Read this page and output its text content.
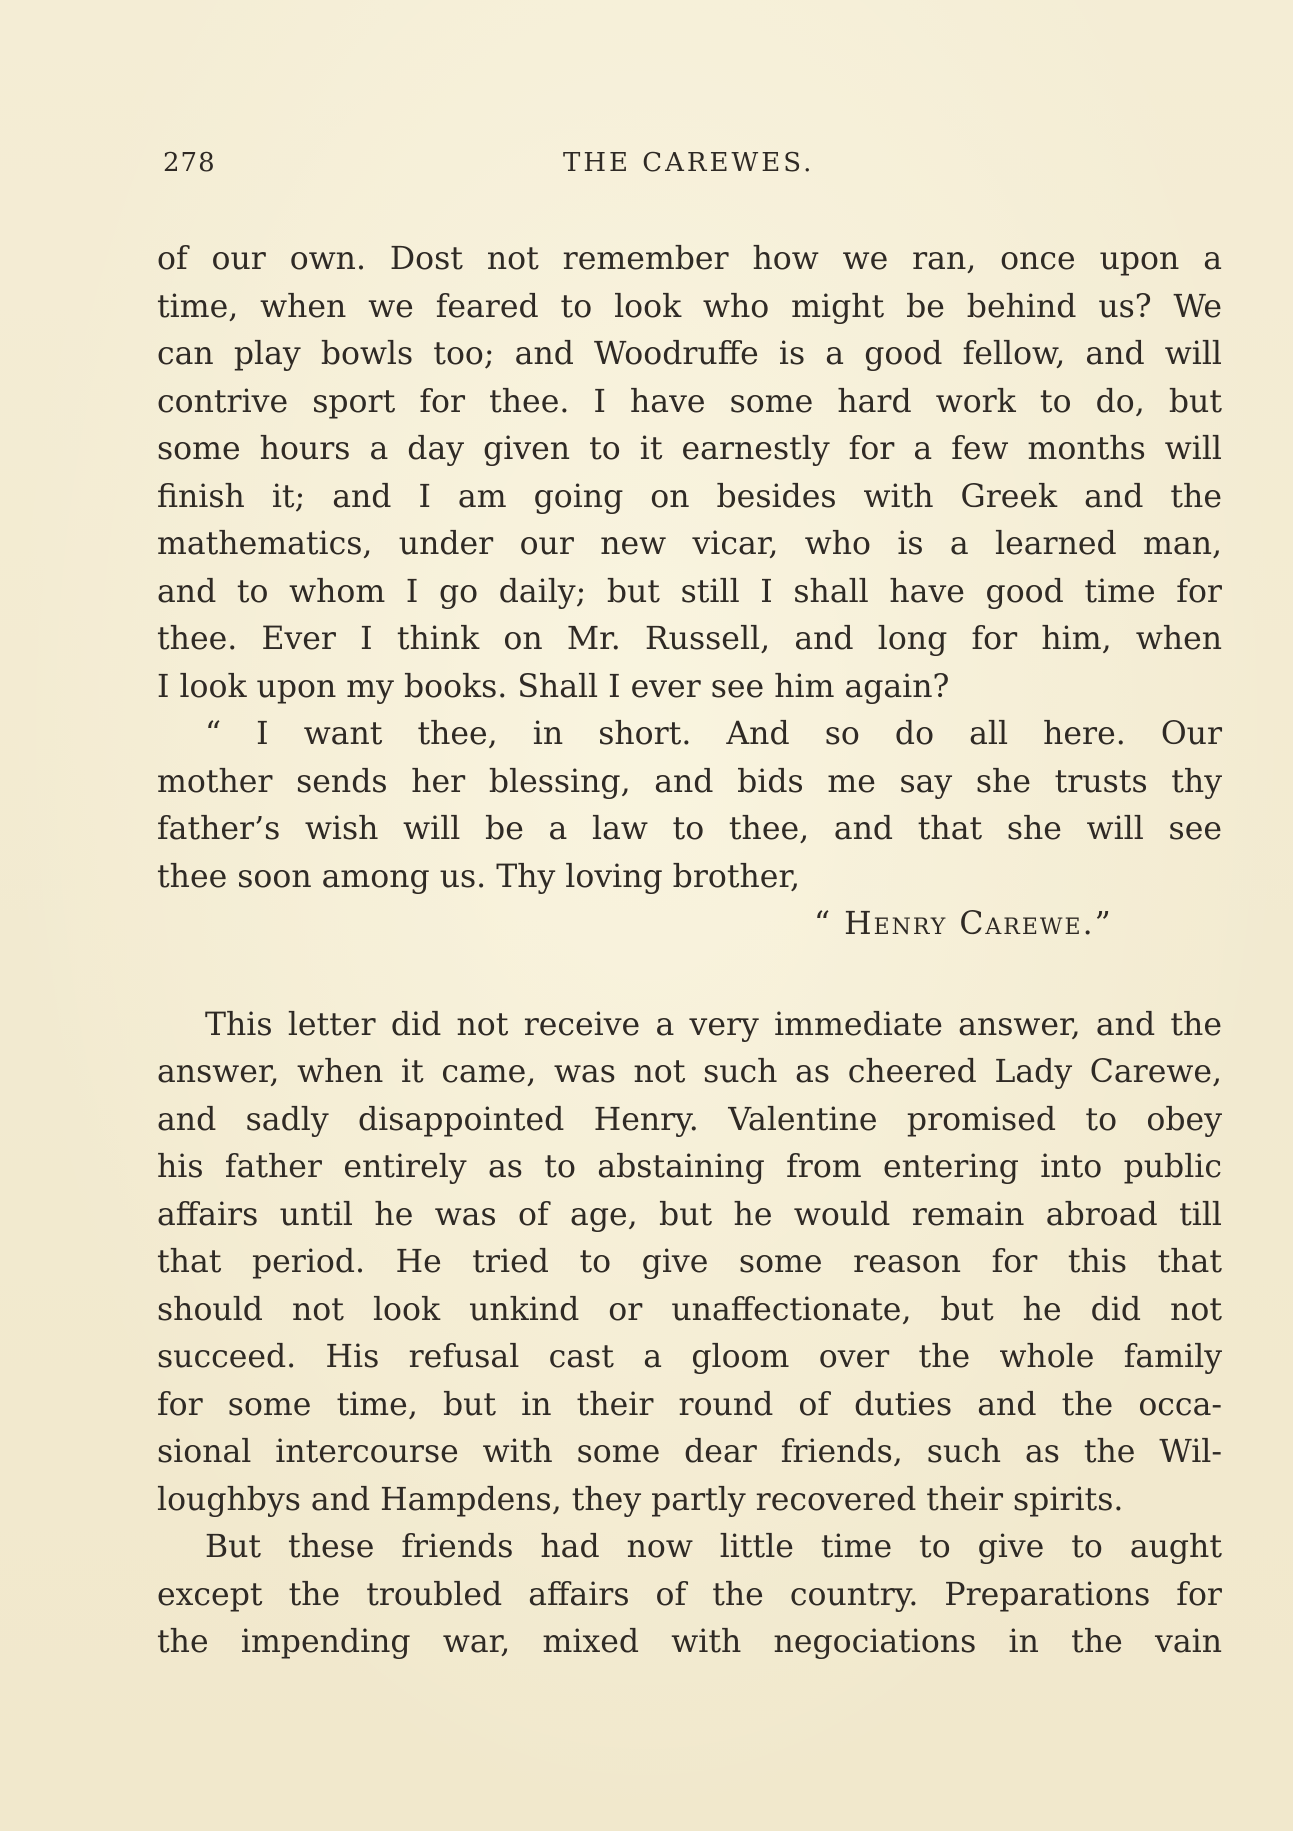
278	THE CAREWES.
of our own. Dost not remember how we ran, once upon a
time, when we feared to look who might be behind us? We
can play bowls too; and Woodruffe is a good fellow, and will
contrive sport for thee. I have some hard work to do, but
some hours a day given to it earnestly for a few months will
finish it; and I am going on besides with Greek and the
mathematics, under our new vicar, who is a learned man,
and to whom I go daily; but still I shall have good time for
thee. Ever I think on Mr. Russell, and long for him, when
I look upon my books. Shall I ever see him again?
“ I want thee, in short. And so do all here. Our
mother sends her blessing, and bids me say she trusts thy
father’s wish will be a law to thee, and that she will see
thee soon among us. Thy loving brother,
“ Henry Carewe.”
This letter did not receive a very immediate answer, and the
answer, when it came, was not such as cheered Lady Carewe,
and sadly disappointed Henry. Valentine promised to obey
his father entirely as to abstaining from entering into public
affairs until he was of age, but he would remain abroad till
that period. He tried to give some reason for this that
should not look unkind or unaffectionate, but he did not
succeed. His refusal cast a gloom over the whole family
for some time, but in their round of duties and the occa-
sional intercourse with some dear friends, such as the Wil-
loughbys and Hampdens, they partly recovered their spirits.
But these friends had now little time to give to aught
except the troubled affairs of the country. Preparations for
the impending war, mixed with negociations in the vain
